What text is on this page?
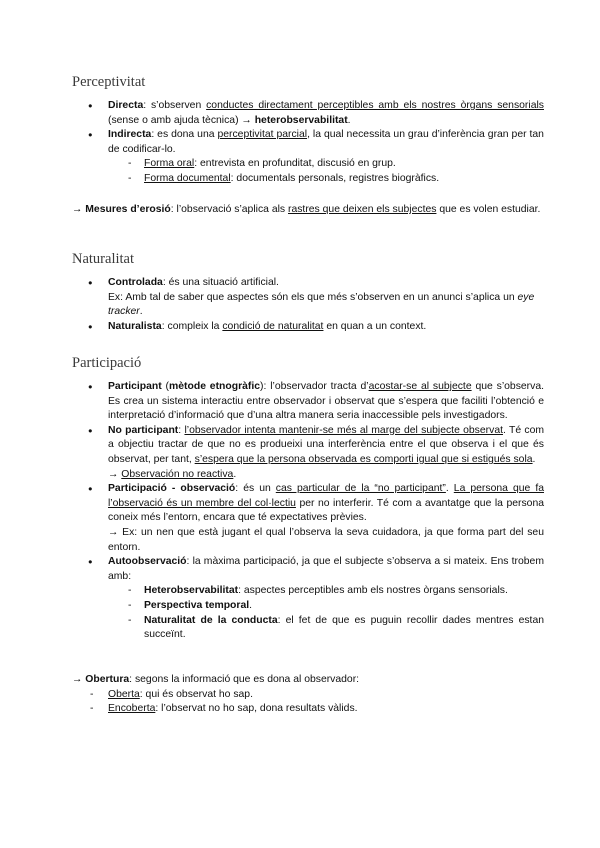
Perceptivitat
● Directa: s’observen conductes directament perceptibles amb els nostres òrgans sensorials (sense o amb ajuda tècnica) → heterobservabilitat.
● Indirecta: es dona una perceptivitat parcial, la qual necessita un grau d’inferència gran per tan de codificar-lo.
- Forma oral: entrevista en profunditat, discusió en grup.
- Forma documental: documentals personals, registres biogràfics.
→ Mesures d’erosió: l’observació s’aplica als rastres que deixen els subjectes que es volen estudiar.
Naturalitat
● Controlada: és una situació artificial.
Ex: Amb tal de saber que aspectes són els que més s’observen en un anunci s’aplica un eye tracker.
● Naturalista: compleix la condició de naturalitat en quan a un context.
Participació
● Participant (mètode etnogràfic): l’observador tracta d’acostar-se al subjecte que s’observa. Es crea un sistema interactiu entre observador i observat que s’espera que faciliti l’obtenció e interpretació d’informació que d’una altra manera seria inaccessible pels investigadors.
● No participant: l’observador intenta mantenir-se més al marge del subjecte observat. Té com a objectiu tractar de que no es produeixi una interferència entre el que observa i el que és observat, per tant, s’espera que la persona observada es comporti igual que si estigués sola.
→ Observación no reactiva.
● Participació - observació: és un cas particular de la “no participant”. La persona que fa l’observació és un membre del col·lectiu per no interferir. Té com a avantatge que la persona coneix més l’entorn, encara que té expectatives prèvies.
→ Ex: un nen que està jugant el qual l’observa la seva cuidadora, ja que forma part del seu entorn.
● Autoobservació: la màxima participació, ja que el subjecte s’observa a si mateix. Ens trobem amb:
- Heterobservabilitat: aspectes perceptibles amb els nostres òrgans sensorials.
- Perspectiva temporal.
- Naturalitat de la conducta: el fet de que es puguin recollir dades mentres estan succeïnt.
→ Obertura: segons la informació que es dona al observador:
- Oberta: qui és observat ho sap.
- Encoberta: l’observat no ho sap, dona resultats vàlids.
